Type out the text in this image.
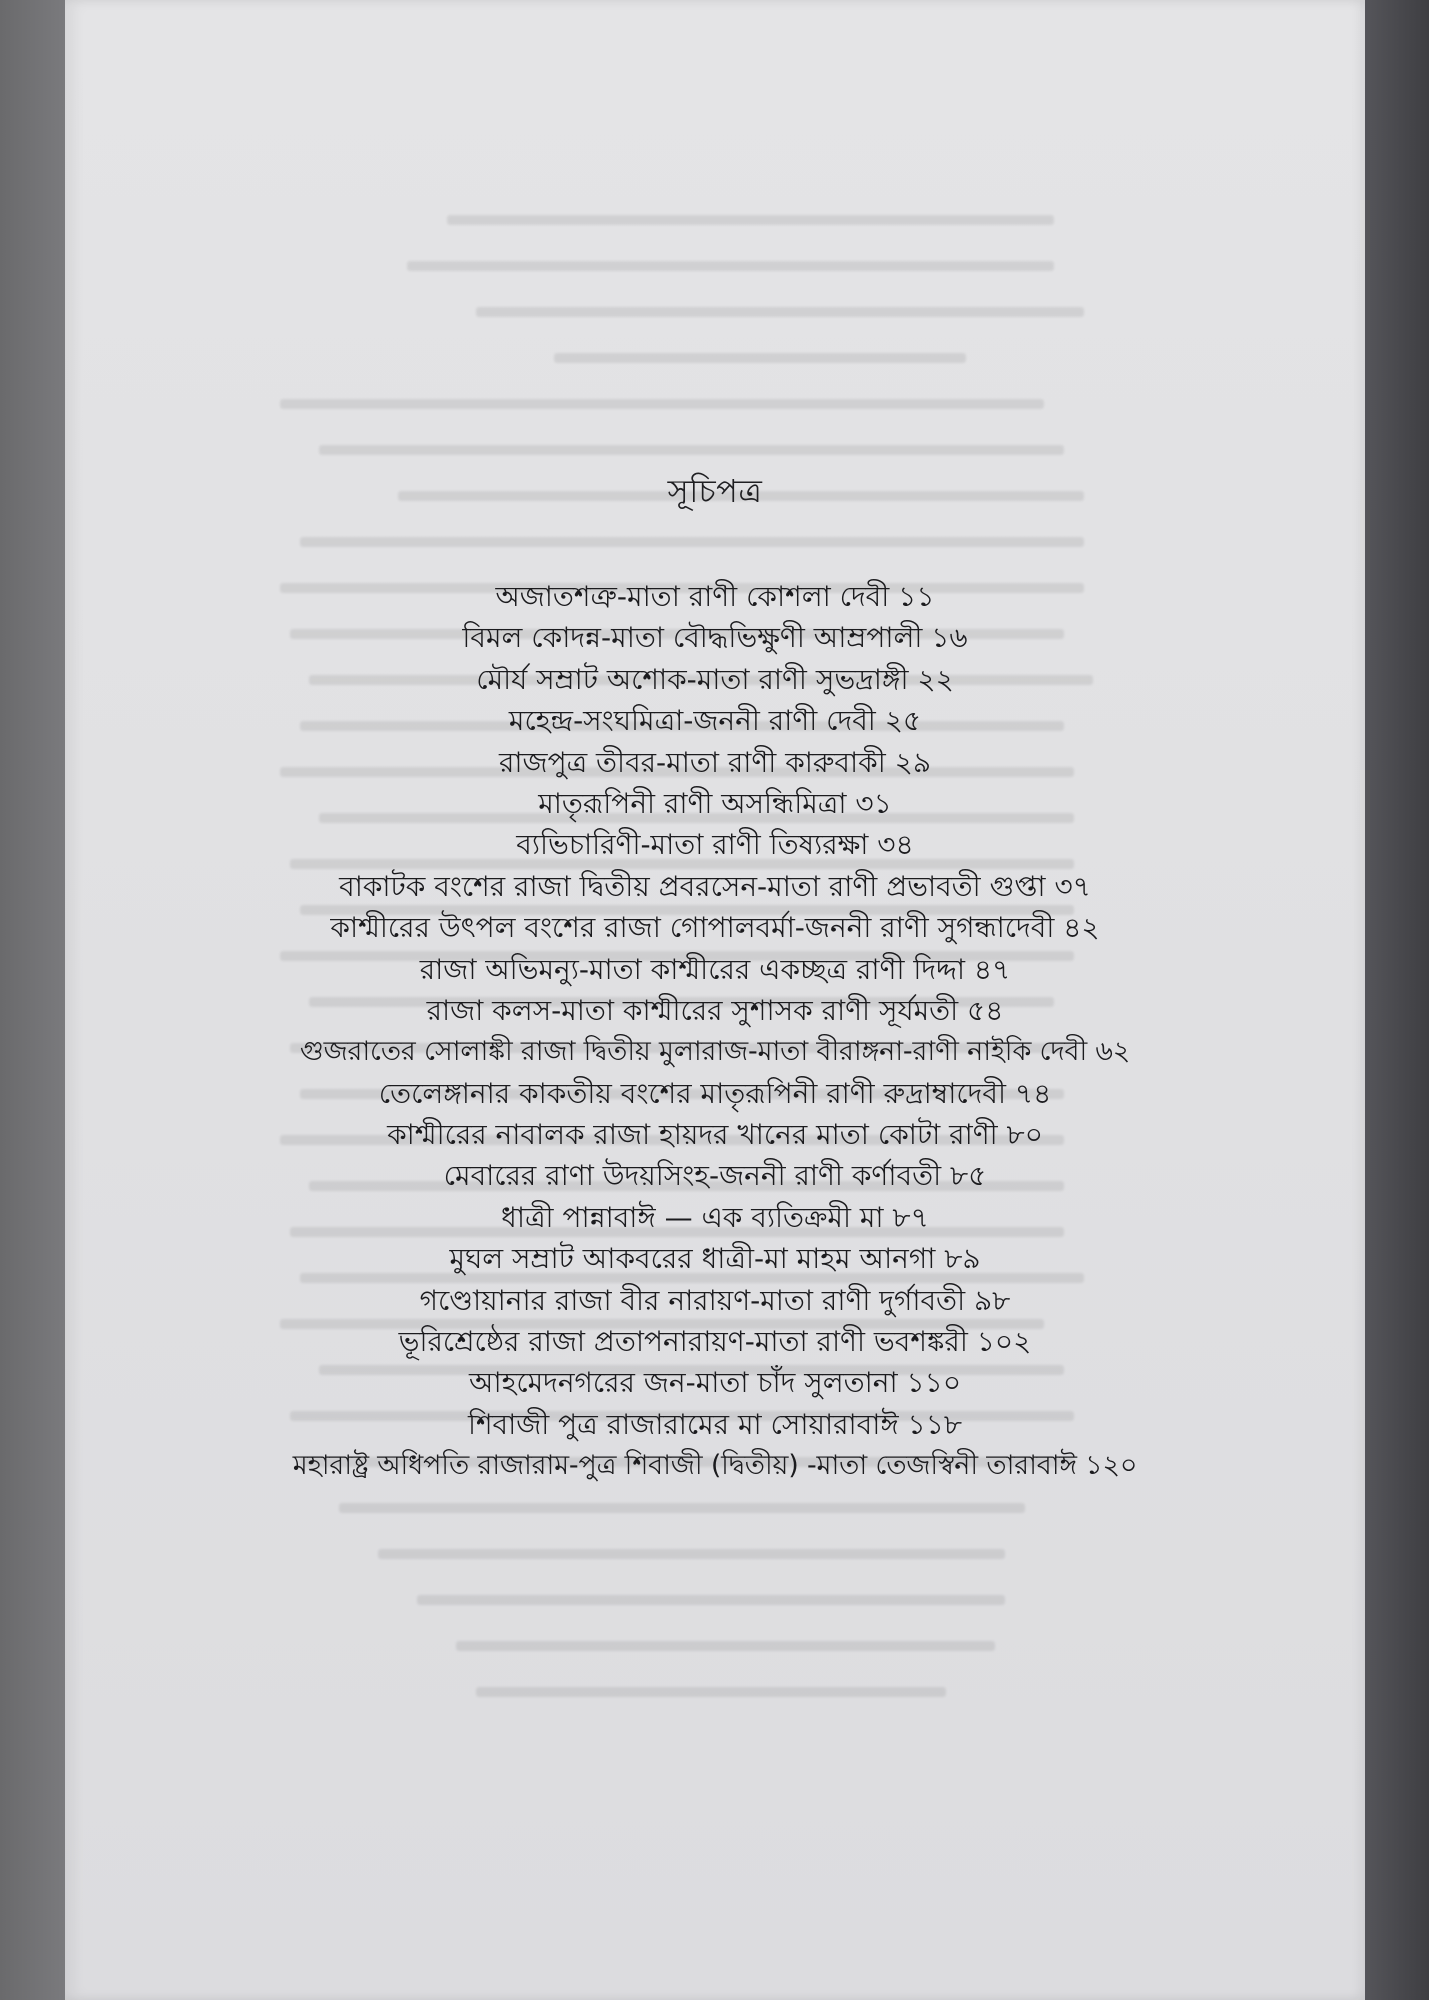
সূচিপত্র
অজাতশত্রু-মাতা রাণী কোশলা দেবী ১১
বিমল কোদন্ন-মাতা বৌদ্ধভিক্ষুণী আম্রপালী ১৬
মৌর্য সম্রাট অশোক-মাতা রাণী সুভদ্রাঙ্গী ২২
মহেন্দ্র-সংঘমিত্রা-জননী রাণী দেবী ২৫
রাজপুত্র তীবর-মাতা রাণী কারুবাকী ২৯
মাতৃরূপিনী রাণী অসন্ধিমিত্রা ৩১
ব্যভিচারিণী-মাতা রাণী তিষ্যরক্ষা ৩৪
বাকাটক বংশের রাজা দ্বিতীয় প্রবরসেন-মাতা রাণী প্রভাবতী গুপ্তা ৩৭
কাশ্মীরের উৎপল বংশের রাজা গোপালবর্মা-জননী রাণী সুগন্ধাদেবী ৪২
রাজা অভিমন্যু-মাতা কাশ্মীরের একচ্ছত্র রাণী দিদ্দা ৪৭
রাজা কলস-মাতা কাশ্মীরের সুশাসক রাণী সূর্যমতী ৫৪
গুজরাতের সোলাঙ্কী রাজা দ্বিতীয় মুলারাজ-মাতা বীরাঙ্গনা-রাণী নাইকি দেবী ৬২
তেলেঙ্গানার কাকতীয় বংশের মাতৃরূপিনী রাণী রুদ্রাম্বাদেবী ৭৪
কাশ্মীরের নাবালক রাজা হায়দর খানের মাতা কোটা রাণী ৮০
মেবারের রাণা উদয়সিংহ-জননী রাণী কর্ণাবতী ৮৫
ধাত্রী পান্নাবাঈ — এক ব্যতিক্রমী মা ৮৭
মুঘল সম্রাট আকবরের ধাত্রী-মা মাহম আনগা ৮৯
গণ্ডোয়ানার রাজা বীর নারায়ণ-মাতা রাণী দুর্গাবতী ৯৮
ভূরিশ্রেষ্ঠের রাজা প্রতাপনারায়ণ-মাতা রাণী ভবশঙ্করী ১০২
আহমেদনগরের জন-মাতা চাঁদ সুলতানা ১১০
শিবাজী পুত্র রাজারামের মা সোয়ারাবাঈ ১১৮
মহারাষ্ট্র অধিপতি রাজারাম-পুত্র শিবাজী (দ্বিতীয়) -মাতা তেজস্বিনী তারাবাঈ ১২০
